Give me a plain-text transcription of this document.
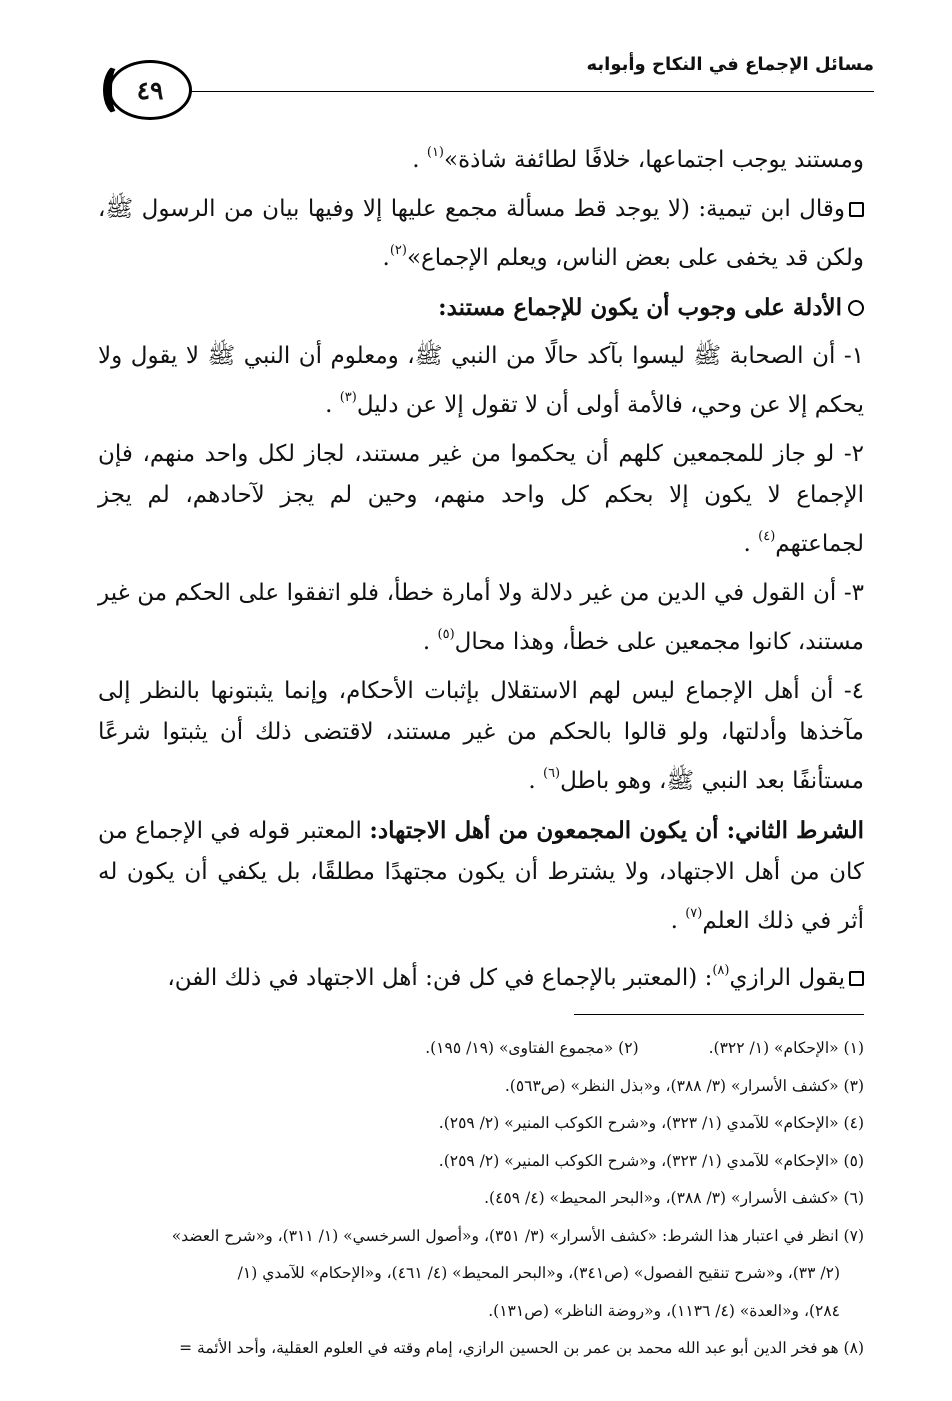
٤٩
مسائل الإجماع في النكاح وأبوابه

ومستند يوجب اجتماعها، خلافًا لطائفة شاذة»$^{(١)}$ .

وقال ابن تيمية: (لا يوجد قط مسألة مجمع عليها إلا وفيها بيان من الرسول ﷺ، ولكن قد يخفى على بعض الناس، ويعلم الإجماع»$^{(٢)}$.

الأدلة على وجوب أن يكون للإجماع مستند:

١- أن الصحابة ﷺ ليسوا بآكد حالًا من النبي ﷺ، ومعلوم أن النبي ﷺ لا يقول ولا يحكم إلا عن وحي، فالأمة أولى أن لا تقول إلا عن دليل$^{(٣)}$ .

٢- لو جاز للمجمعين كلهم أن يحكموا من غير مستند، لجاز لكل واحد منهم، فإن الإجماع لا يكون إلا بحكم كل واحد منهم، وحين لم يجز لآحادهم، لم يجز لجماعتهم$^{(٤)}$ .

٣- أن القول في الدين من غير دلالة ولا أمارة خطأ، فلو اتفقوا على الحكم من غير مستند، كانوا مجمعين على خطأ، وهذا محال$^{(٥)}$ .

٤- أن أهل الإجماع ليس لهم الاستقلال بإثبات الأحكام، وإنما يثبتونها بالنظر إلى مآخذها وأدلتها، ولو قالوا بالحكم من غير مستند، لاقتضى ذلك أن يثبتوا شرعًا مستأنفًا بعد النبي ﷺ، وهو باطل$^{(٦)}$ .

الشرط الثاني: أن يكون المجمعون من أهل الاجتهاد: المعتبر قوله في الإجماع من كان من أهل الاجتهاد، ولا يشترط أن يكون مجتهدًا مطلقًا، بل يكفي أن يكون له أثر في ذلك العلم$^{(٧)}$ .

يقول الرازي$^{(٨)}$: (المعتبر بالإجماع في كل فن: أهل الاجتهاد في ذلك الفن،

(١) «الإحكام» (١/ ٣٢٢).(٢) «مجموع الفتاوى» (١٩/ ١٩٥).
(٣) «كشف الأسرار» (٣/ ٣٨٨)، و«بذل النظر» (ص٥٦٣).
(٤) «الإحكام» للآمدي (١/ ٣٢٣)، و«شرح الكوكب المنير» (٢/ ٢٥٩).
(٥) «الإحكام» للآمدي (١/ ٣٢٣)، و«شرح الكوكب المنير» (٢/ ٢٥٩).
(٦) «كشف الأسرار» (٣/ ٣٨٨)، و«البحر المحيط» (٤/ ٤٥٩).
(٧) انظر في اعتبار هذا الشرط: «كشف الأسرار» (٣/ ٣٥١)، و«أصول السرخسي» (١/ ٣١١)، و«شرح العضد»
(٢/ ٣٣)، و«شرح تنقيح الفصول» (ص٣٤١)، و«البحر المحيط» (٤/ ٤٦١)، و«الإحكام» للآمدي (١/
٢٨٤)، و«العدة» (٤/ ١١٣٦)، و«روضة الناظر» (ص١٣١).
(٨) هو فخر الدين أبو عبد الله محمد بن عمر بن الحسين الرازي، إمام وقته في العلوم العقلية، وأحد الأئمة =
